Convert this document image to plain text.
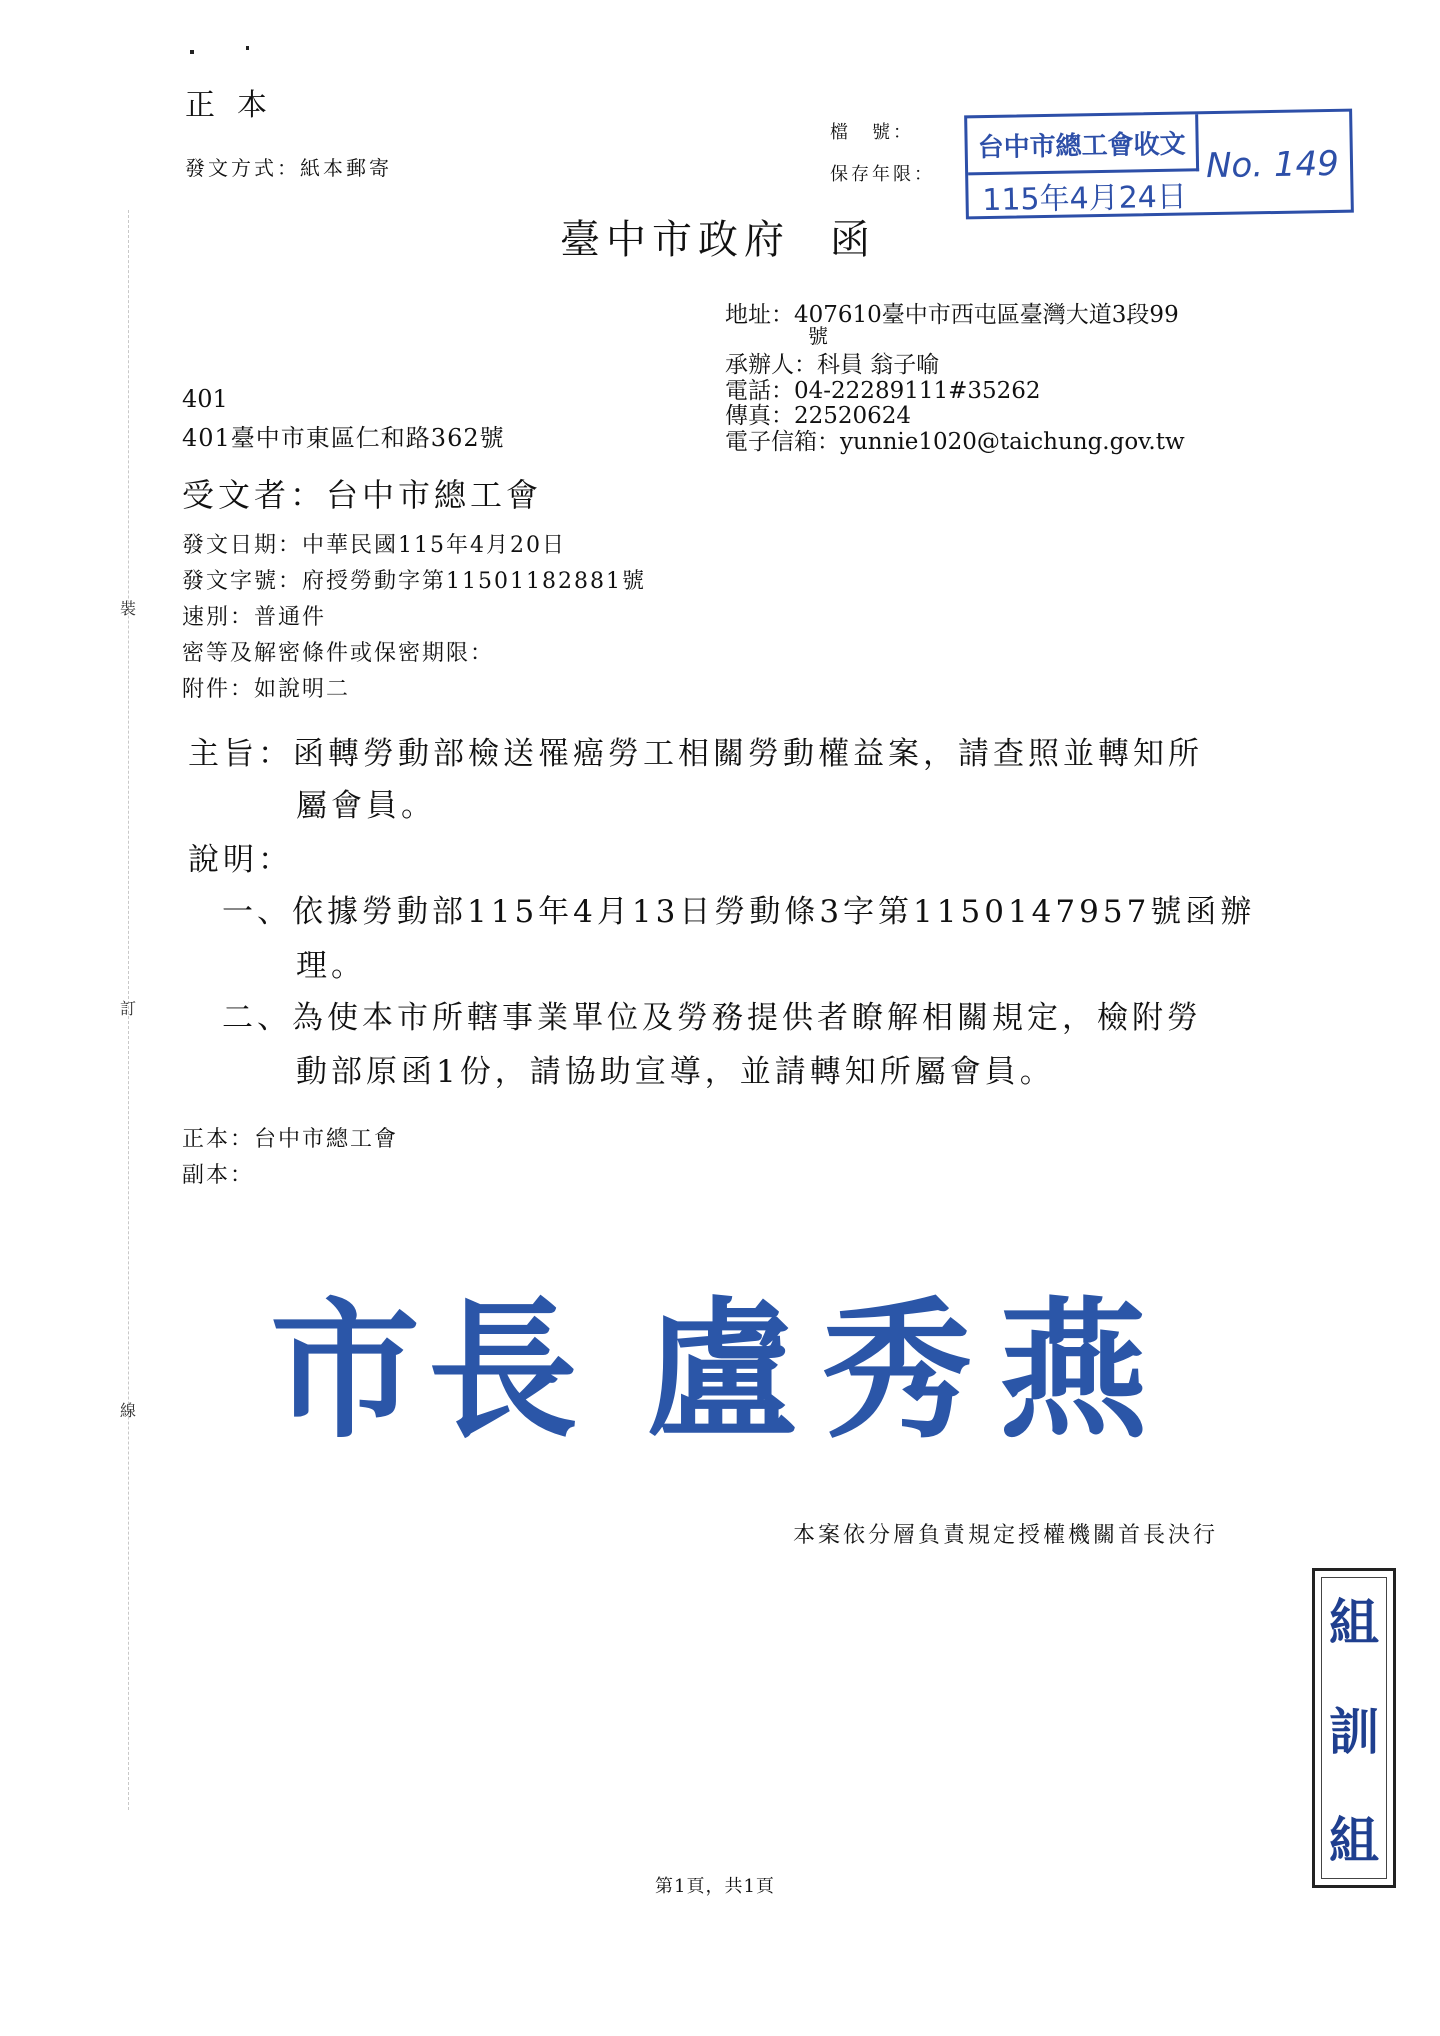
正本
發文方式：紙本郵寄
檔　號：
保存年限：
台中市總工會收文
115年4月24日
No. 149
臺中市政府 函
地址：407610臺中市西屯區臺灣大道3段99
號
承辦人：科員 翁子喻
電話：04-22289111#35262
傳真：22520624
電子信箱：yunnie1020@taichung.gov.tw
401
401臺中市東區仁和路362號
受文者：台中市總工會
發文日期：中華民國115年4月20日
發文字號：府授勞動字第11501182881號
速別：普通件
密等及解密條件或保密期限：
附件：如說明二
主旨：函轉勞動部檢送罹癌勞工相關勞動權益案，請查照並轉知所
屬會員。
說明：
一、依據勞動部115年4月13日勞動條3字第1150147957號函辦
理。
二、為使本市所轄事業單位及勞務提供者瞭解相關規定，檢附勞
動部原函1份，請協助宣導，並請轉知所屬會員。
正本：台中市總工會
副本：
市長 盧秀燕
本案依分層負責規定授權機關首長決行
裝
訂
線
組
訓
組
第1頁，共1頁
